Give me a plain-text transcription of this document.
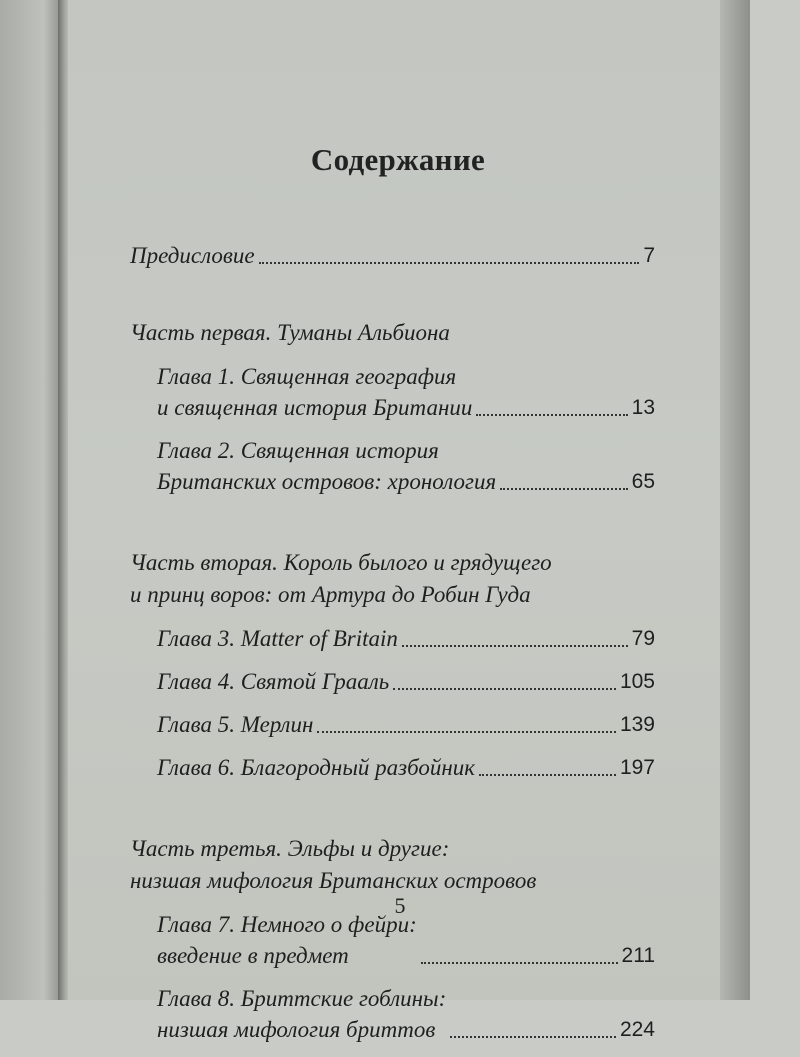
Содержание
Предисловие	7
Часть первая. Туманы Альбиона
Глава 1. Священная география
и священная история Британии	13
Глава 2. Священная история
Британских островов: хронология	65
Часть вторая. Король былого и грядущего
и принц воров: от Артура до Робин Гуда
Глава 3. Matter of Britain	79
Глава 4. Святой Грааль	105
Глава 5. Мерлин	139
Глава 6. Благородный разбойник	197
Часть третья. Эльфы и другие:
низшая мифология Британских островов
Глава 7. Немного о фейри:
введение в предмет	211
Глава 8. Бриттские гоблины:
низшая мифология бриттов	224
5
